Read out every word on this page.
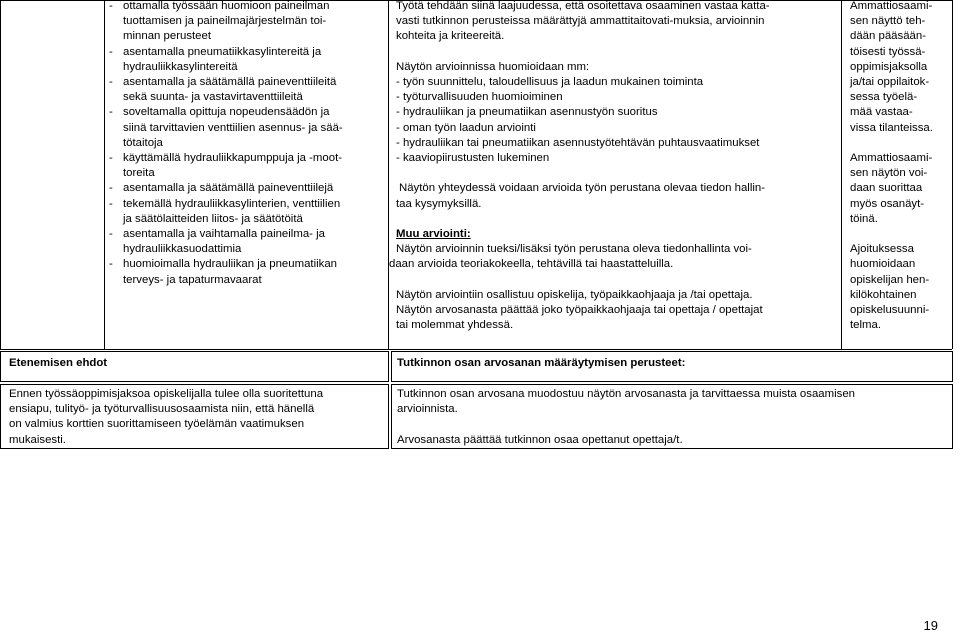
- ottamalla työssään huomioon paineilman
tuottamisen ja paineilmajärjestelmän toi-
minnan perusteet
- asentamalla pneumatiikkasylintereitä ja
hydrauliikkasylintereitä
- asentamalla ja säätämällä paineventtiileitä
sekä suunta- ja vastavirtaventtiileitä
- soveltamalla opittuja nopeudensäädön ja
siinä tarvittavien venttiilien asennus- ja sää-
tötaitoja
- käyttämällä hydrauliikkapumppuja ja -moot-
toreita
- asentamalla ja säätämällä paineventtiilejä
- tekemällä hydrauliikkasylinterien, venttiilien
ja säätölaitteiden liitos- ja säätötöitä
- asentamalla ja vaihtamalla paineilma- ja
hydrauliikkasuodattimia
- huomioimalla hydrauliikan ja pneumatiikan
terveys- ja tapaturmavaarat
Työtä tehdään siinä laajuudessa, että osoitettava osaaminen vastaa katta-
vasti tutkinnon perusteissa määrättyjä ammattitaitovati-muksia, arvioinnin
kohteita ja kriteereitä.
Näytön arvioinnissa huomioidaan mm:
- työn suunnittelu, taloudellisuus ja laadun mukainen toiminta
- työturvallisuuden huomioiminen
- hydrauliikan ja pneumatiikan asennustyön suoritus
- oman työn laadun arviointi
- hydrauliikan tai pneumatiikan asennustyötehtävän puhtausvaatimukset
- kaaviopiirustusten lukeminen
Näytön yhteydessä voidaan arvioida työn perustana olevaa tiedon hallin-
taa kysymyksillä.
Muu arviointi:
Näytön arvioinnin tueksi/lisäksi työn perustana oleva tiedonhallinta voi-
daan arvioida teoriakokeella, tehtävillä tai haastatteluilla.
Näytön arviointiin osallistuu opiskelija, työpaikkaohjaaja ja /tai opettaja.
Näytön arvosanasta päättää joko työpaikkaohjaaja tai opettaja / opettajat
tai molemmat yhdessä.
Ammattiosaami-
sen näyttö teh-
dään pääsään-
töisesti työssä-
oppimisjaksolla
ja/tai oppilaitok-
sessa työelä-
mää vastaa-
vissa tilanteissa.
Ammattiosaami-
sen näytön voi-
daan suorittaa
myös osanäyt-
töinä.
Ajoituksessa
huomioidaan
opiskelijan hen-
kilökohtainen
opiskelusuunni-
telma.
Etenemisen ehdot	Tutkinnon osan arvosanan määräytymisen perusteet:
Ennen työssäoppimisjaksoa opiskelijalla tulee olla suoritettuna
ensiapu, tulityö- ja työturvallisuusosaamista niin, että hänellä
on valmius korttien suorittamiseen työelämän vaatimuksen
mukaisesti.
Tutkinnon osan arvosana muodostuu näytön arvosanasta ja tarvittaessa muista osaamisen
arvioinnista.
Arvosanasta päättää tutkinnon osaa opettanut opettaja/t.
19
